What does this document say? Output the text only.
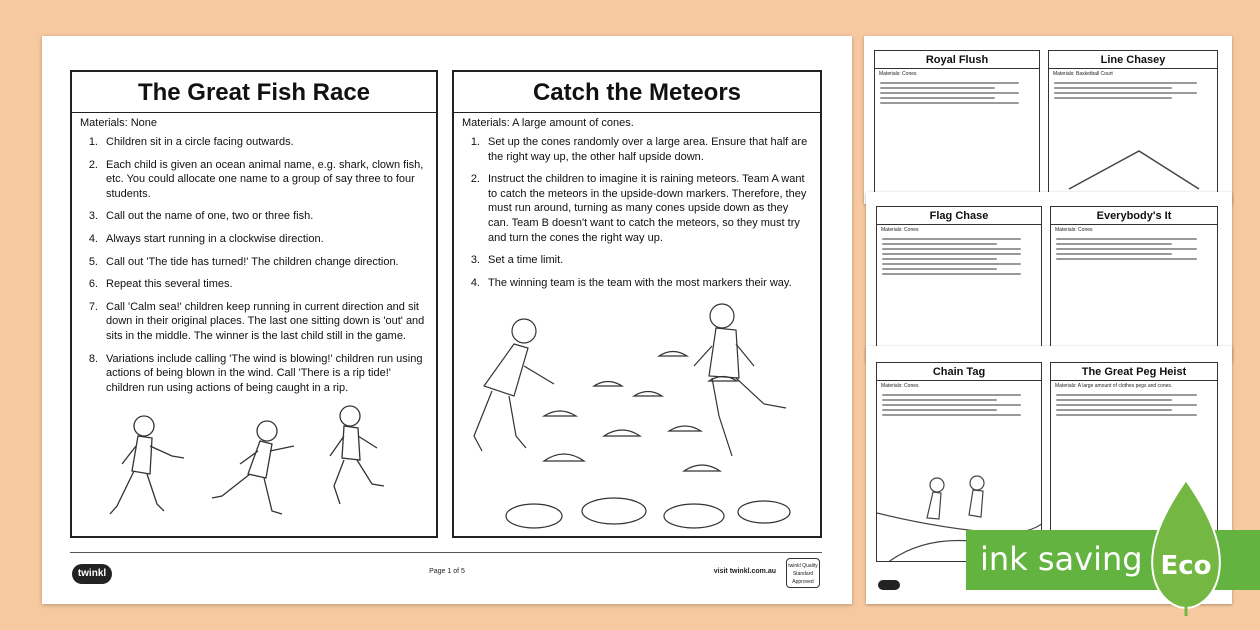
The Great Fish Race
Materials: None
1. Children sit in a circle facing outwards.
2. Each child is given an ocean animal name, e.g. shark, clown fish, etc. You could allocate one name to a group of say three to four students.
3. Call out the name of one, two or three fish.
4. Always start running in a clockwise direction.
5. Call out 'The tide has turned!' The children change direction.
6. Repeat this several times.
7. Call 'Calm sea!' children keep running in current direction and sit down in their original places. The last one sitting down is 'out' and sits in the middle. The winner is the last child still in the game.
8. Variations include calling 'The wind is blowing!' children run using actions of being blown in the wind. Call 'There is a rip tide!' children run using actions of being caught in a rip.
Catch the Meteors
Materials: A large amount of cones.
1. Set up the cones randomly over a large area. Ensure that half are the right way up, the other half upside down.
2. Instruct the children to imagine it is raining meteors. Team A want to catch the meteors in the upside-down markers. Therefore, they must run around, turning as many cones upside down as they can. Team B doesn't want to catch the meteors, so they must try and turn the cones the right way up.
3. Set a time limit.
4. The winning team is the team with the most markers their way.
twinkl	Page 1 of 5	visit twinkl.com.au
twinkl Quality Standard Approved
Royal Flush
Materials: Cones
Line Chasey
Materials: Basketball Court
Flag Chase
Materials: Cones
Everybody's It
Materials: Cones
Chain Tag
Materials: Cones
The Great Peg Heist
Materials: A large amount of clothes pegs and cones.
ink saving Eco
